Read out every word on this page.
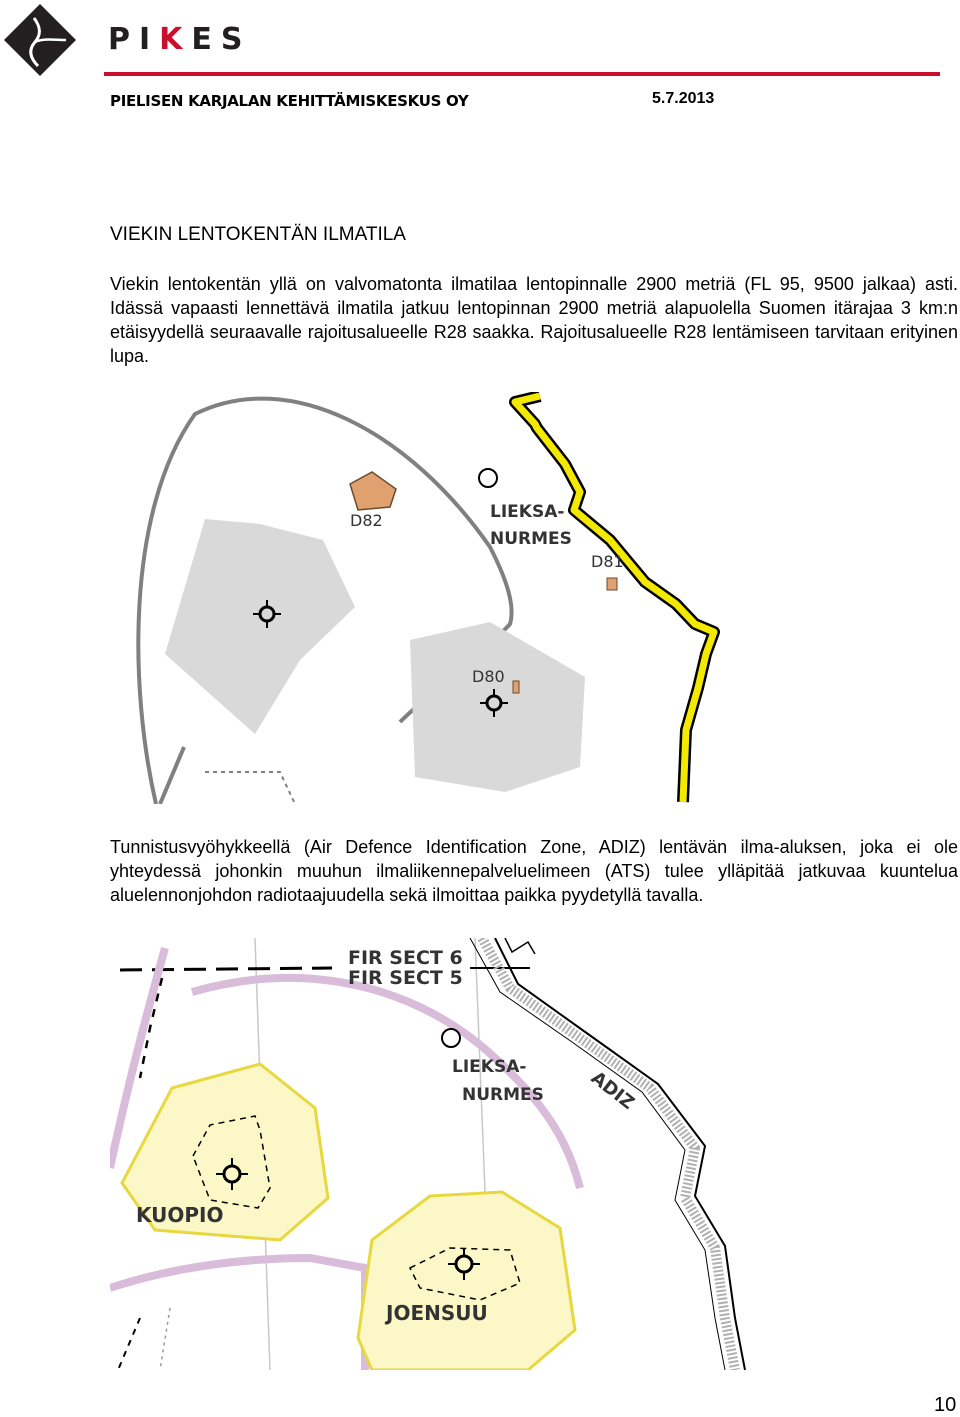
PIKES
PIELISEN KARJALAN KEHITTÄMISKESKUS OY	5.7.2013
VIEKIN LENTOKENTÄN ILMATILA

Viekin lentokentän yllä on valvomatonta ilmatilaa lentopinnalle 2900 metriä (FL 95, 9500 jalkaa) asti. Idässä vapaasti lennettävä ilmatila jatkuu lentopinnan 2900 metriä alapuolella Suomen itärajaa 3 km:n etäisyydellä seuraavalle rajoitusalueelle R28 saakka. Rajoitusalueelle R28 lentämiseen tarvitaan erityinen lupa.

D82
D81
D80
LIEKSA-
NURMES

Tunnistusvyöhykkeellä (Air Defence Identification Zone, ADIZ) lentävän ilma-aluksen, joka ei ole yhteydessä johonkin muuhun ilmaliikennepalveluelimeen (ATS) tulee ylläpitää jatkuvaa kuuntelua aluelennonjohdon radiotaajuudella sekä ilmoittaa paikka pyydetyllä tavalla.

FIR SECT 6
FIR SECT 5
LIEKSA-
NURMES ADIZ
KUOPIO
JOENSUU
10
